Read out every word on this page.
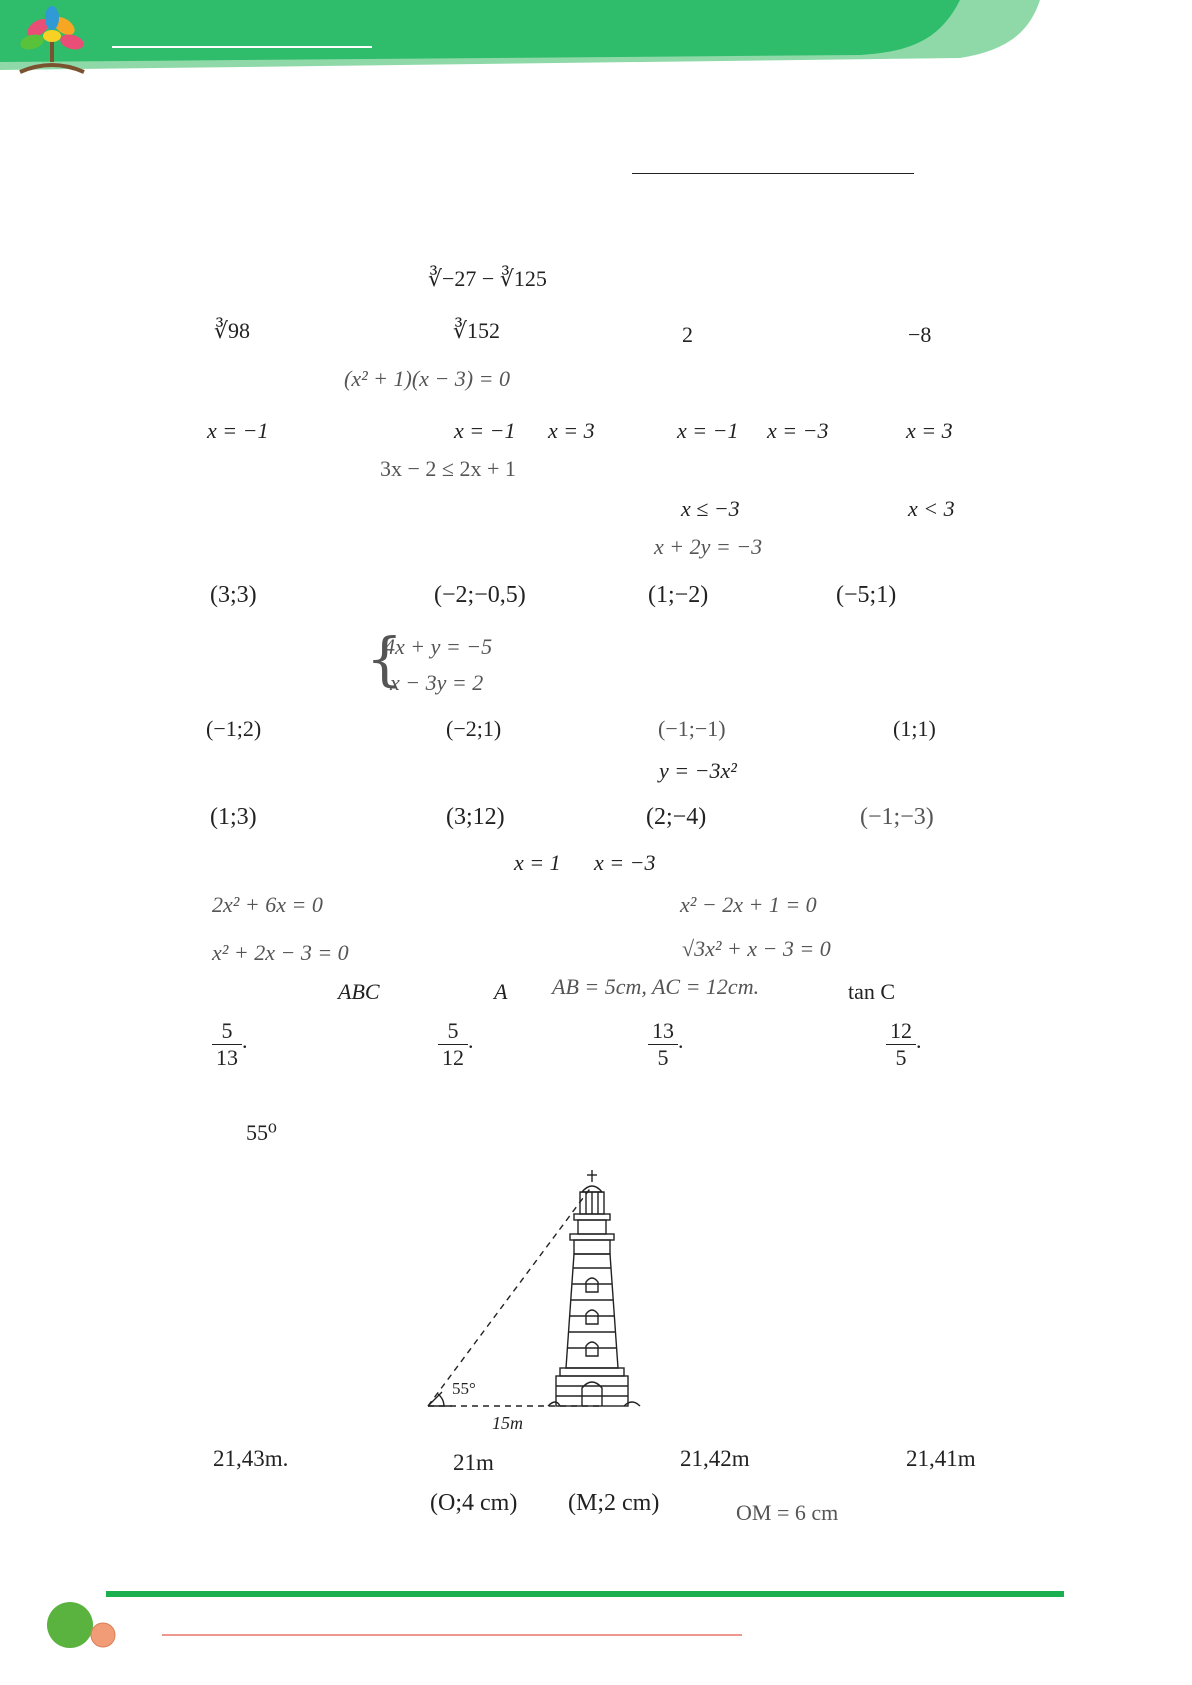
∛−27 − ∛125
∛98	∛152	2	−8
(x² + 1)(x − 3) = 0
x = −1	x = −1 x = 3	x = −1 x = −3	x = 3
3x − 2 ≤ 2x + 1
x ≤ −3	x < 3
x + 2y = −3
(3;3)	(−2;−0,5)	(1;−2)	(−5;1)
{
4x + y = −5
x − 3y = 2
(−1;2)	(−2;1)	(−1;−1)	(1;1)
y = −3x²
(1;3)	(3;12)	(2;−4)	(−1;−3)
x = 1 x = −3
2x² + 6x = 0	x² − 2x + 1 = 0
x² + 2x − 3 = 0	√3x² + x − 3 = 0
ABC	A AB = 5cm, AC = 12cm.	tan C
$\frac{5}{13}$ .	$\frac{5}{12}$ .	$\frac{13}{5}$ .	$\frac{12}{5}$ .
55⁰
55°
15m
21,43m.	21m	21,42m	21,41m
(O;4 cm) (M;2 cm)	OM = 6 cm
